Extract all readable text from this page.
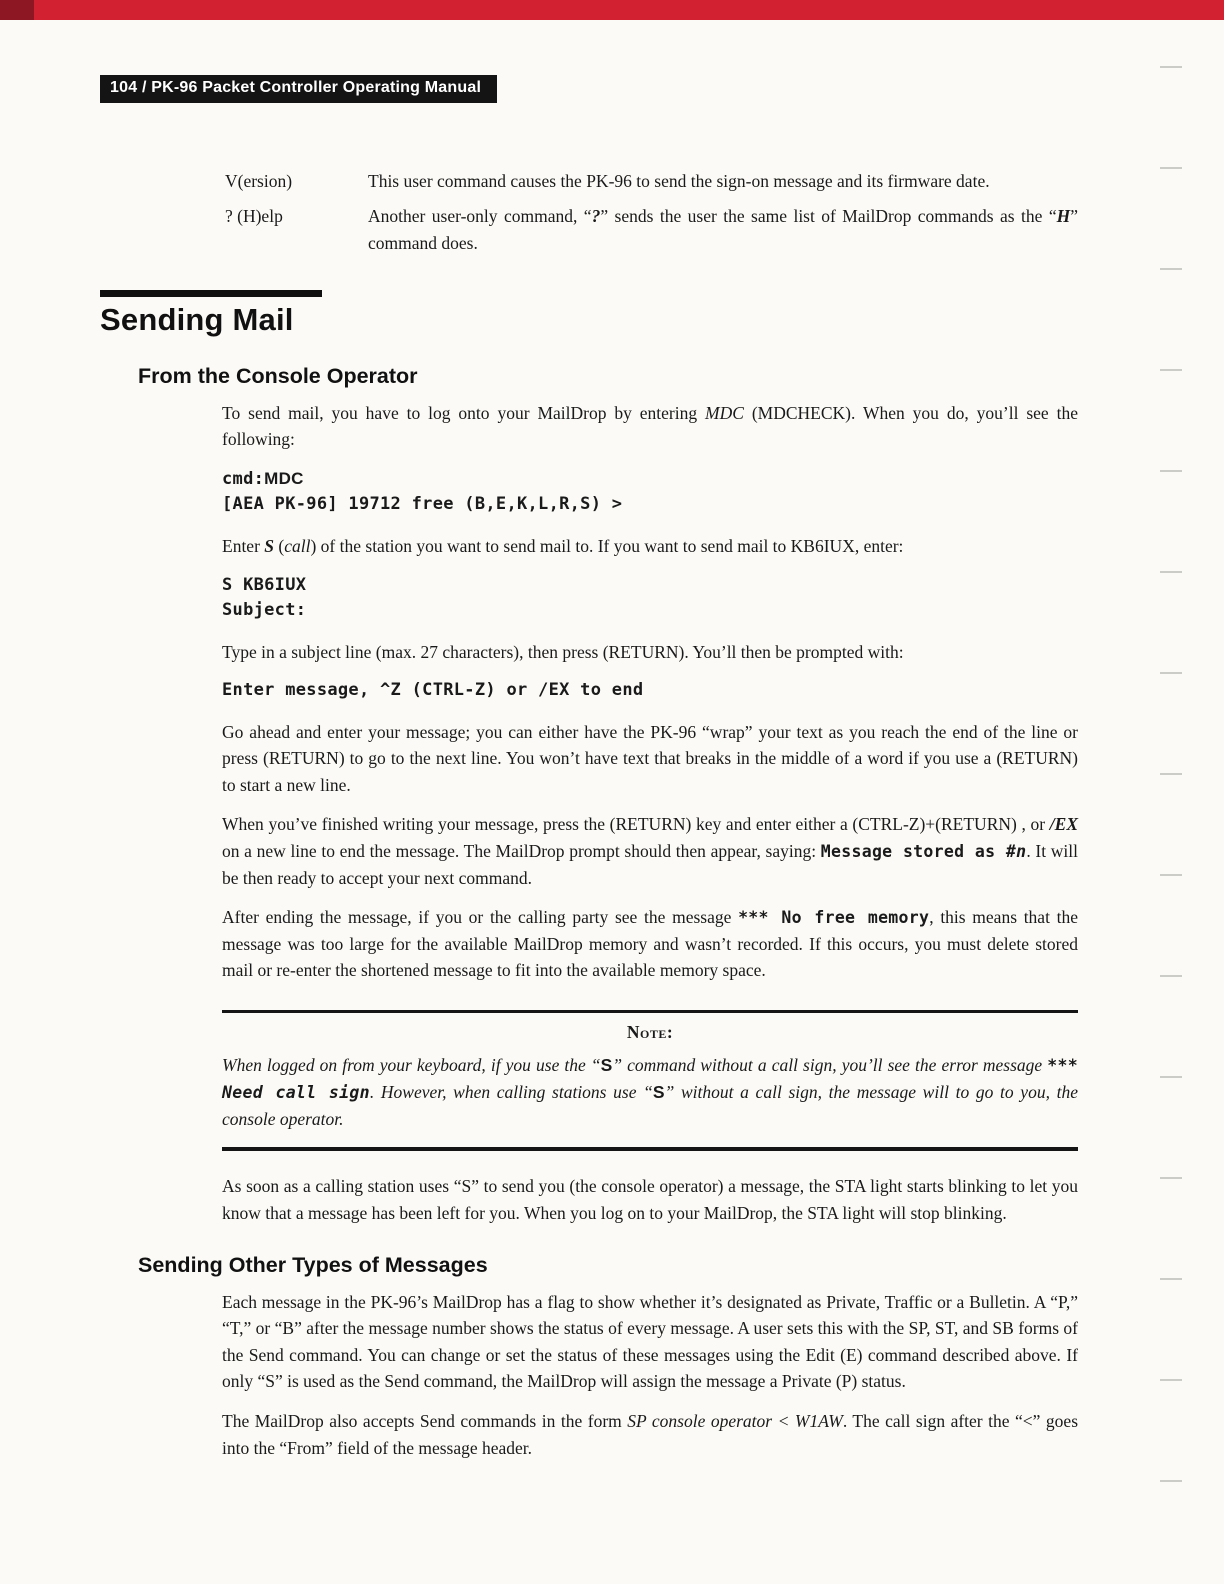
104 / PK-96 Packet Controller Operating Manual
V(ersion)	This user command causes the PK-96 to send the sign-on message and its firmware date.
? (H)elp	Another user-only command, “?” sends the user the same list of MailDrop commands as the “H” command does.
Sending Mail
From the Console Operator

To send mail, you have to log onto your MailDrop by entering MDC (MDCHECK). When you do, you’ll see the following:

cmd:MDC
[AEA PK-96] 19712 free (B,E,K,L,R,S) >

Enter S (call) of the station you want to send mail to. If you want to send mail to KB6IUX, enter:

S KB6IUX
Subject:

Type in a subject line (max. 27 characters), then press (RETURN). You’ll then be prompted with:

Enter message, ^Z (CTRL-Z) or /EX to end

Go ahead and enter your message; you can either have the PK-96 “wrap” your text as you reach the end of the line or press (RETURN) to go to the next line. You won’t have text that breaks in the middle of a word if you use a (RETURN) to start a new line.

When you’ve finished writing your message, press the (RETURN) key and enter either a (CTRL-Z)+(RETURN) , or /EX on a new line to end the message. The MailDrop prompt should then appear, saying: Message stored as #n. It will be then ready to accept your next command.

After ending the message, if you or the calling party see the message *** No free memory, this means that the message was too large for the available MailDrop memory and wasn’t recorded. If this occurs, you must delete stored mail or re-enter the shortened message to fit into the available memory space.

Note:

When logged on from your keyboard, if you use the “S” command without a call sign, you’ll see the error message *** Need call sign. However, when calling stations use “S” without a call sign, the message will to go to you, the console operator.

As soon as a calling station uses “S” to send you (the console operator) a message, the STA light starts blinking to let you know that a message has been left for you. When you log on to your MailDrop, the STA light will stop blinking.

Sending Other Types of Messages

Each message in the PK-96’s MailDrop has a flag to show whether it’s designated as Private, Traffic or a Bulletin. A “P,” “T,” or “B” after the message number shows the status of every message. A user sets this with the SP, ST, and SB forms of the Send command. You can change or set the status of these messages using the Edit (E) command described above. If only “S” is used as the Send command, the MailDrop will assign the message a Private (P) status.

The MailDrop also accepts Send commands in the form SP console operator < W1AW. The call sign after the “<” goes into the “From” field of the message header.
